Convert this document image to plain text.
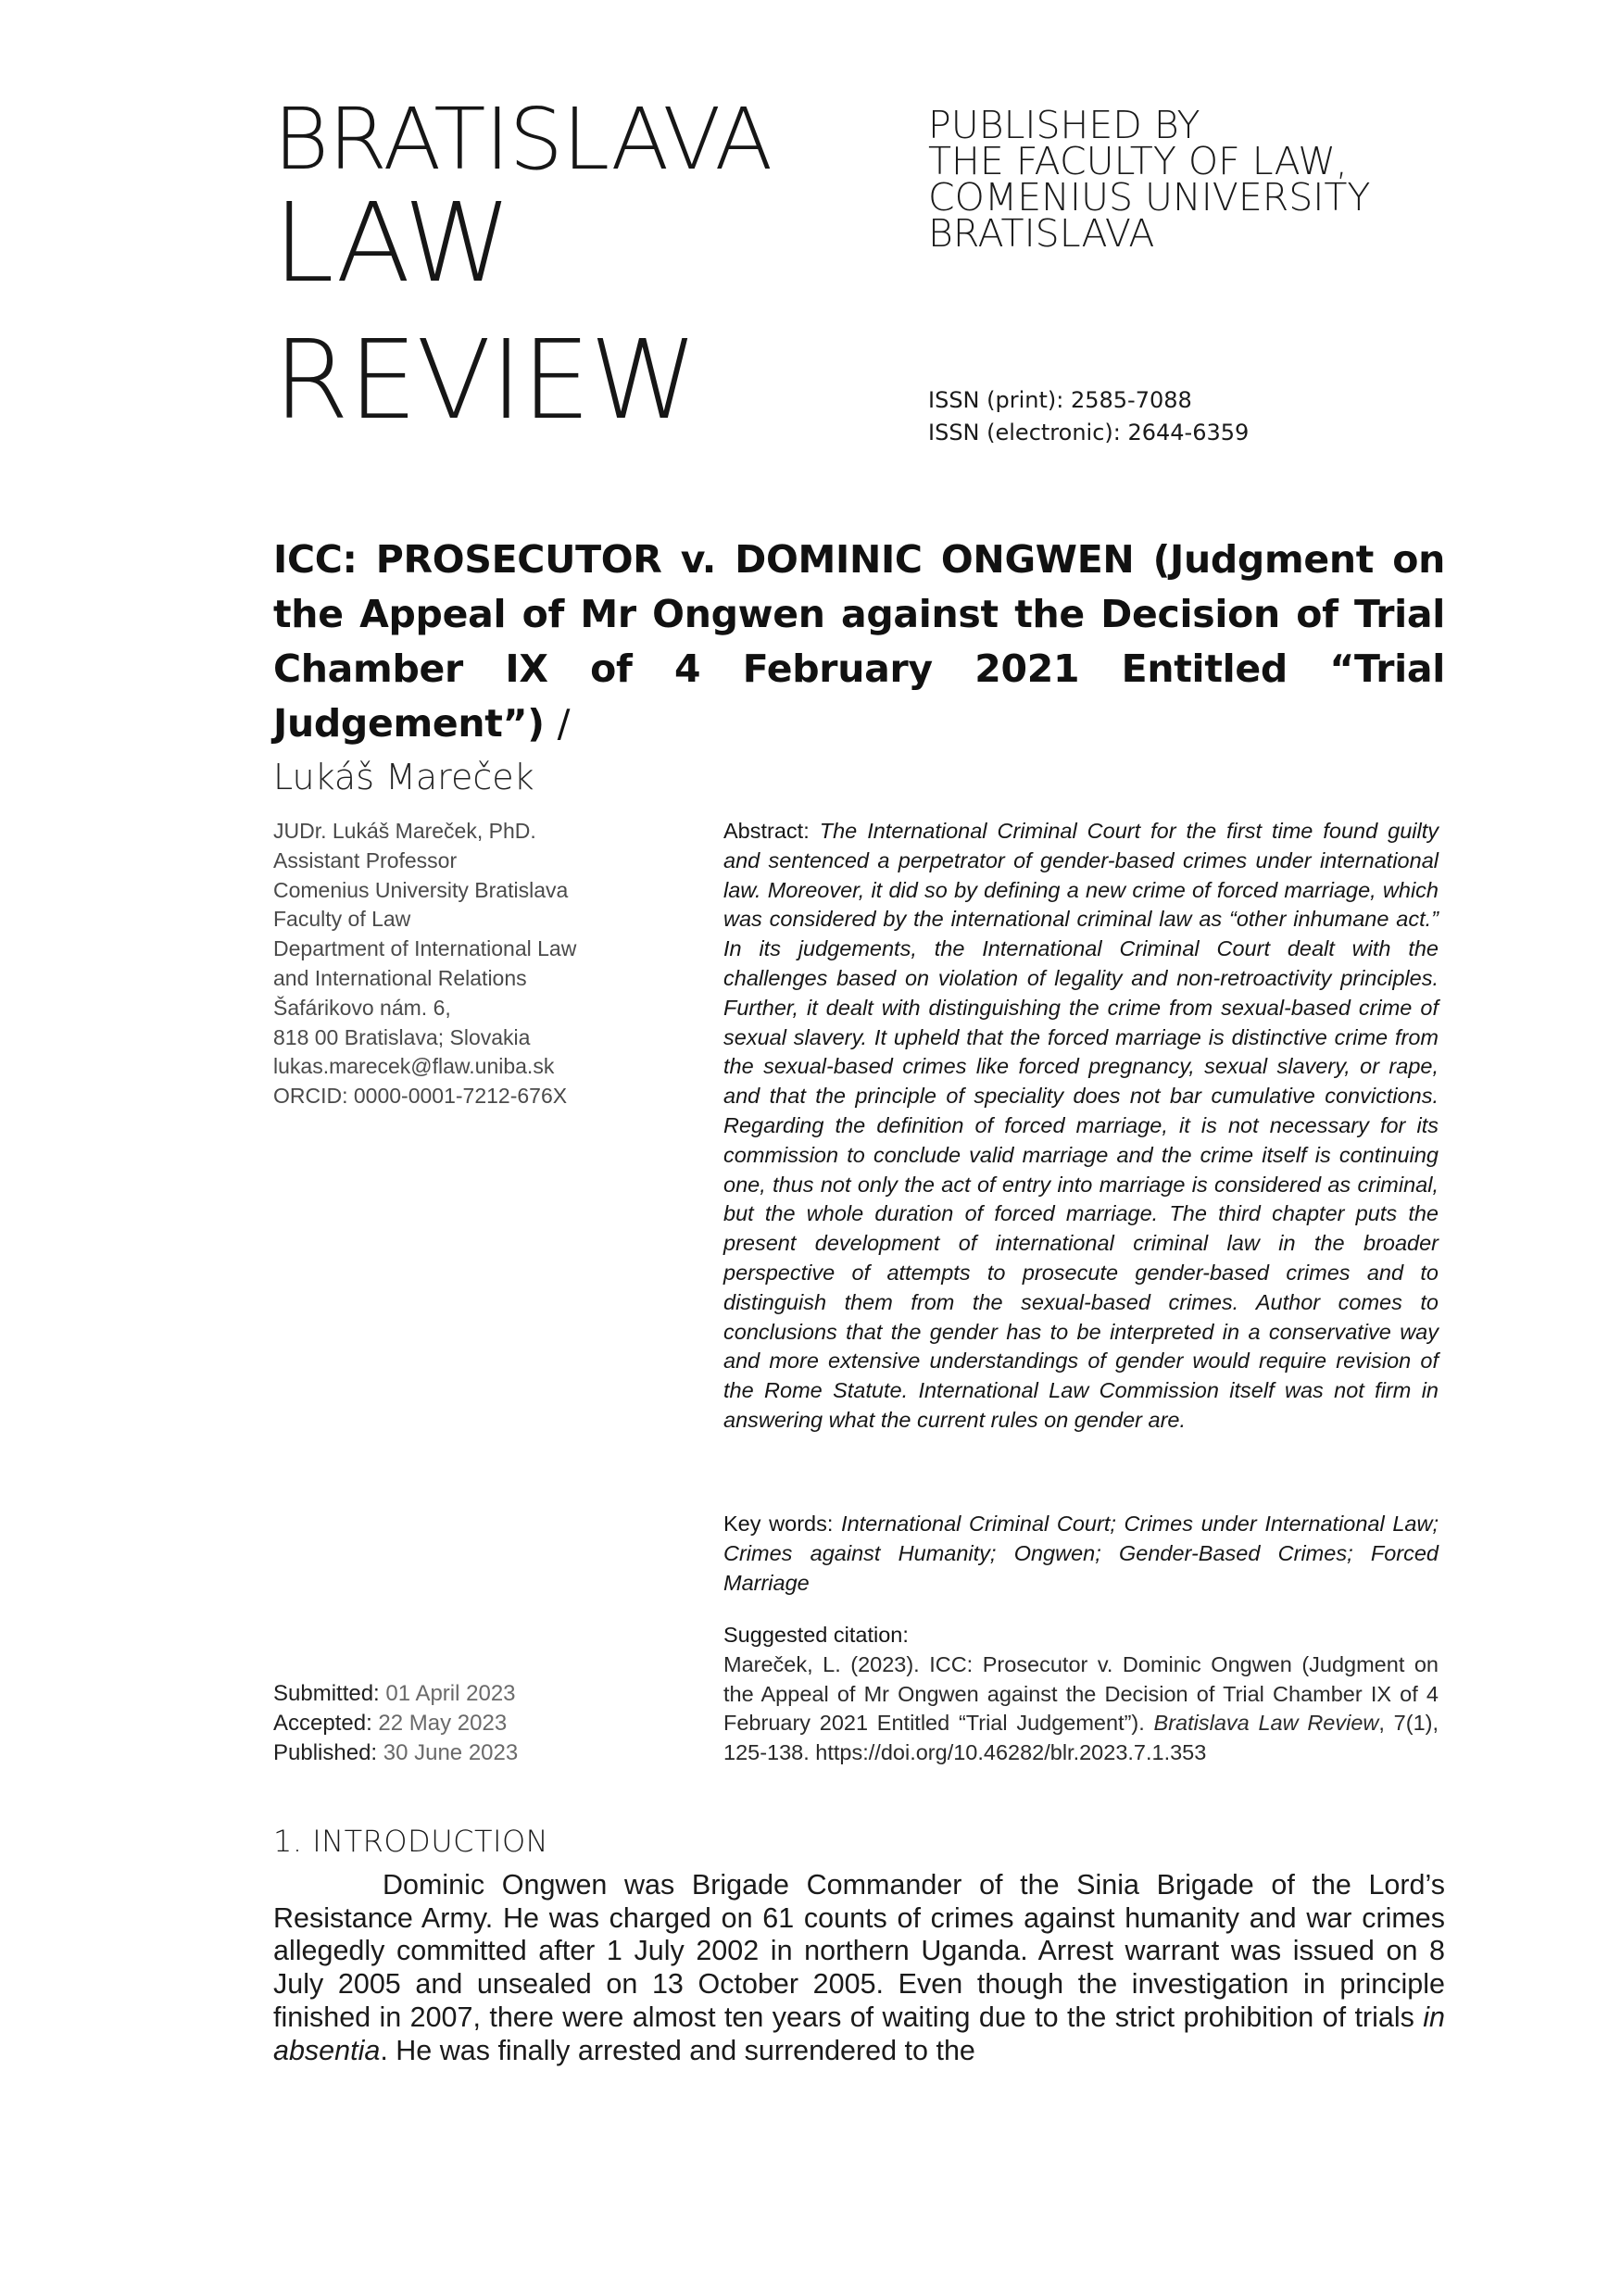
BRATISLAVA
LAW
REVIEW
PUBLISHED BY
THE FACULTY OF LAW,
COMENIUS UNIVERSITY
BRATISLAVA
ISSN (print): 2585-7088
ISSN (electronic): 2644-6359
ICC: PROSECUTOR v. DOMINIC ONGWEN (Judgment on the Appeal of Mr Ongwen against the Decision of Trial Chamber IX of 4 February 2021 Entitled “Trial Judgement”) /
Lukáš Mareček
JUDr. Lukáš Mareček, PhD.
Assistant Professor
Comenius University Bratislava
Faculty of Law
Department of International Law
and International Relations
Šafárikovo nám. 6,
818 00 Bratislava; Slovakia
lukas.marecek@flaw.uniba.sk
ORCID: 0000-0001-7212-676X
Submitted: 01 April 2023
Accepted: 22 May 2023
Published: 30 June 2023
Abstract: The International Criminal Court for the first time found guilty and sentenced a perpetrator of gender-based crimes under international law. Moreover, it did so by defining a new crime of forced marriage, which was considered by the international criminal law as “other inhumane act.” In its judgements, the International Criminal Court dealt with the challenges based on violation of legality and non-retroactivity principles. Further, it dealt with distinguishing the crime from sexual-based crime of sexual slavery. It upheld that the forced marriage is distinctive crime from the sexual-based crimes like forced pregnancy, sexual slavery, or rape, and that the principle of speciality does not bar cumulative convictions. Regarding the definition of forced marriage, it is not necessary for its commission to conclude valid marriage and the crime itself is continuing one, thus not only the act of entry into marriage is considered as criminal, but the whole duration of forced marriage. The third chapter puts the present development of international criminal law in the broader perspective of attempts to prosecute gender-based crimes and to distinguish them from the sexual-based crimes. Author comes to conclusions that the gender has to be interpreted in a conservative way and more extensive understandings of gender would require revision of the Rome Statute. International Law Commission itself was not firm in answering what the current rules on gender are.
Key words: International Criminal Court; Crimes under International Law; Crimes against Humanity; Ongwen; Gender-Based Crimes; Forced Marriage
Suggested citation:
Mareček, L. (2023). ICC: Prosecutor v. Dominic Ongwen (Judgment on the Appeal of Mr Ongwen against the Decision of Trial Chamber IX of 4 February 2021 Entitled “Trial Judgement”). Bratislava Law Review, 7(1), 125-138. https://doi.org/10.46282/blr.2023.7.1.353
1. INTRODUCTION
Dominic Ongwen was Brigade Commander of the Sinia Brigade of the Lord’s Resistance Army. He was charged on 61 counts of crimes against humanity and war crimes allegedly committed after 1 July 2002 in northern Uganda. Arrest warrant was issued on 8 July 2005 and unsealed on 13 October 2005. Even though the investigation in principle finished in 2007, there were almost ten years of waiting due to the strict prohibition of trials in absentia. He was finally arrested and surrendered to the
